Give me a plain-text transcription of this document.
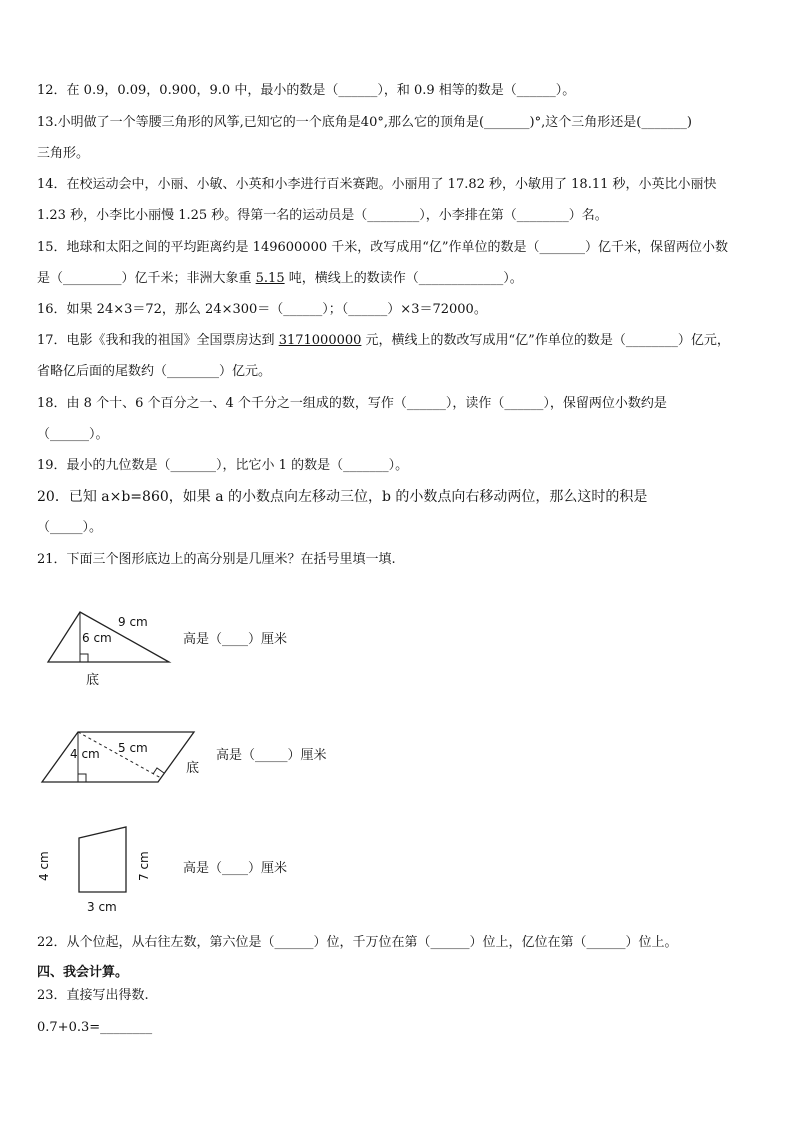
12．在 0.9，0.09，0.900，9.0 中，最小的数是（______），和 0.9 相等的数是（______）。
13.小明做了一个等腰三角形的风筝,已知它的一个底角是40°,那么它的顶角是(_______)°,这个三角形还是(_______)
三角形。
14．在校运动会中，小丽、小敏、小英和小李进行百米赛跑。小丽用了 17.82 秒，小敏用了 18.11 秒，小英比小丽快
1.23 秒，小李比小丽慢 1.25 秒。得第一名的运动员是（________），小李排在第（________）名。
15．地球和太阳之间的平均距离约是 149600000 千米，改写成用“亿”作单位的数是（_______）亿千米，保留两位小数
是（_________）亿千米；非洲大象重 5.15 吨，横线上的数读作（_____________）。
16．如果 24×3＝72，那么 24×300＝（______）；（______）×3＝72000。
17．电影《我和我的祖国》全国票房达到 3171000000 元，横线上的数改写成用“亿”作单位的数是（________）亿元，
省略亿后面的尾数约（________）亿元。
18．由 8 个十、6 个百分之一、4 个千分之一组成的数，写作（______），读作（______），保留两位小数约是
（______）。
19．最小的九位数是（_______），比它小 1 的数是（_______）。
20．已知 a×b=860，如果 a 的小数点向左移动三位，b 的小数点向右移动两位，那么这时的积是
（_____）。
21．下面三个图形底边上的高分别是几厘米？在括号里填一填.
9 cm
6 cm
底
高是（____）厘米
5 cm
4 cm
底
高是（_____）厘米
4 cm	7 cm
3 cm
高是（____）厘米
22．从个位起，从右往左数，第六位是（______）位，千万位在第（______）位上，亿位在第（______）位上。
四、我会计算。
23．直接写出得数.
0.7+0.3=________
